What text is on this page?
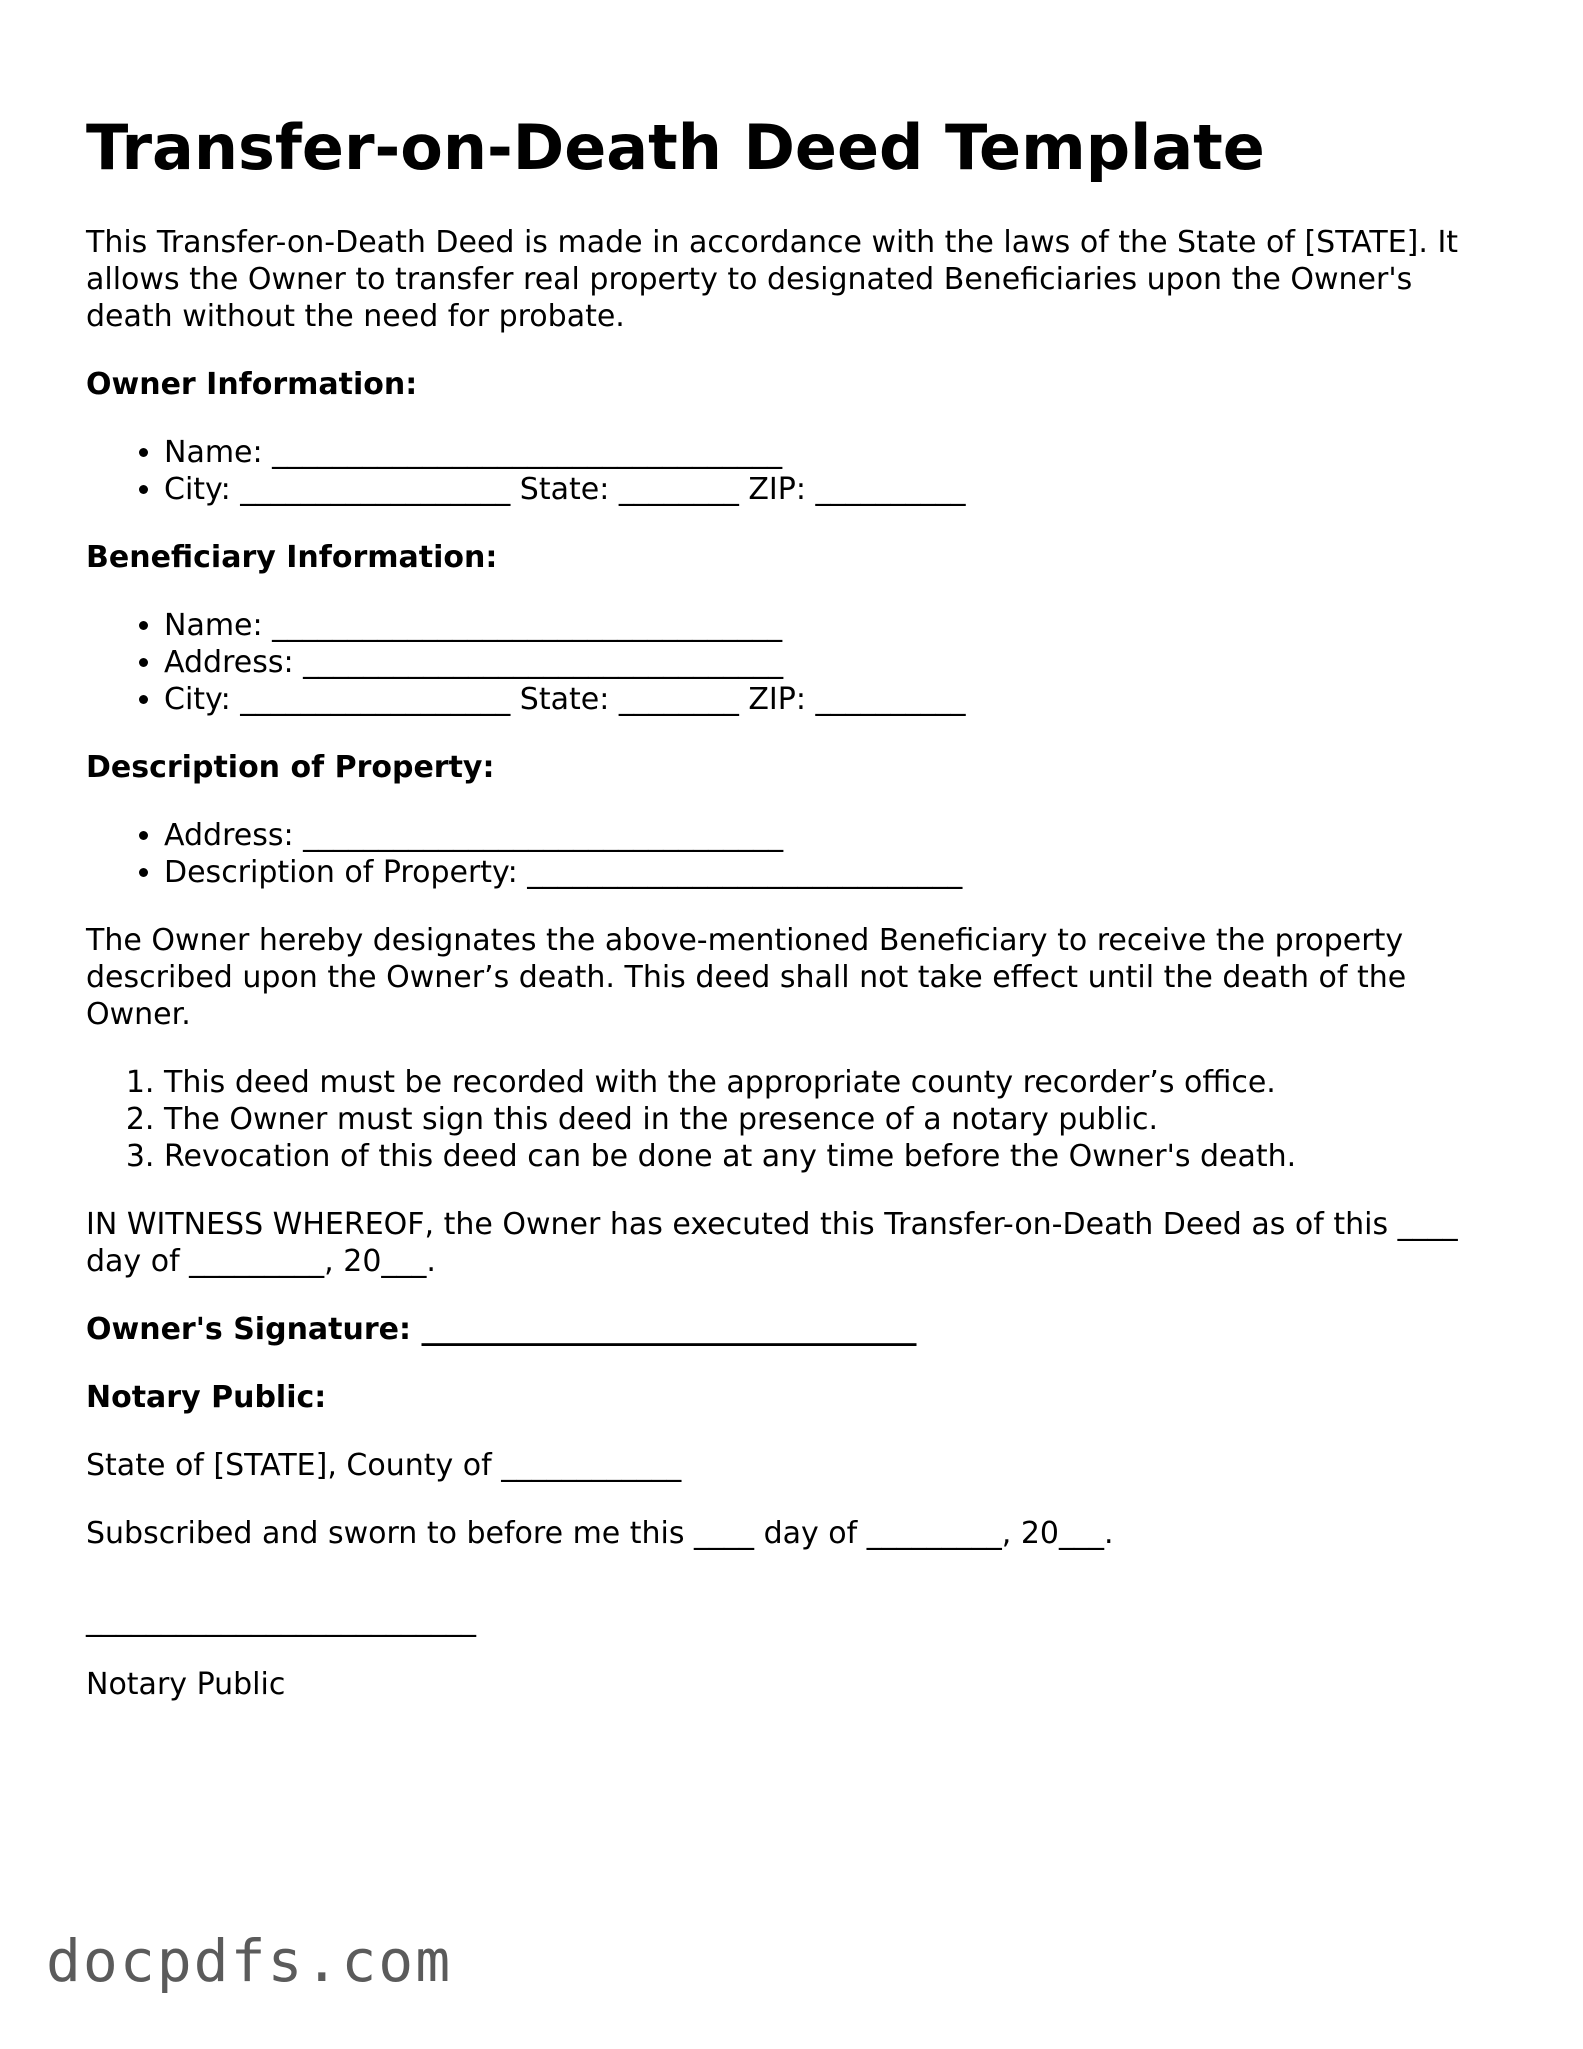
Transfer-on-Death Deed Template

This Transfer-on-Death Deed is made in accordance with the laws of the State of [STATE]. It allows the Owner to transfer real property to designated Beneficiaries upon the Owner's death without the need for probate.

Owner Information:

• Name: __________________________________
• City: __________________ State: ________ ZIP: __________

Beneficiary Information:

• Name: __________________________________
• Address: ________________________________
• City: __________________ State: ________ ZIP: __________

Description of Property:

• Address: ________________________________
• Description of Property: _____________________________

The Owner hereby designates the above-mentioned Beneficiary to receive the property described upon the Owner’s death. This deed shall not take effect until the death of the Owner.

1. This deed must be recorded with the appropriate county recorder’s office.
2. The Owner must sign this deed in the presence of a notary public.
3. Revocation of this deed can be done at any time before the Owner's death.

IN WITNESS WHEREOF, the Owner has executed this Transfer-on-Death Deed as of this ____ day of _________, 20___.

Owner's Signature: _________________________________

Notary Public:

State of [STATE], County of ____________

Subscribed and sworn to before me this ____ day of _________, 20___.

__________________________

Notary Public

docpdfs.com
